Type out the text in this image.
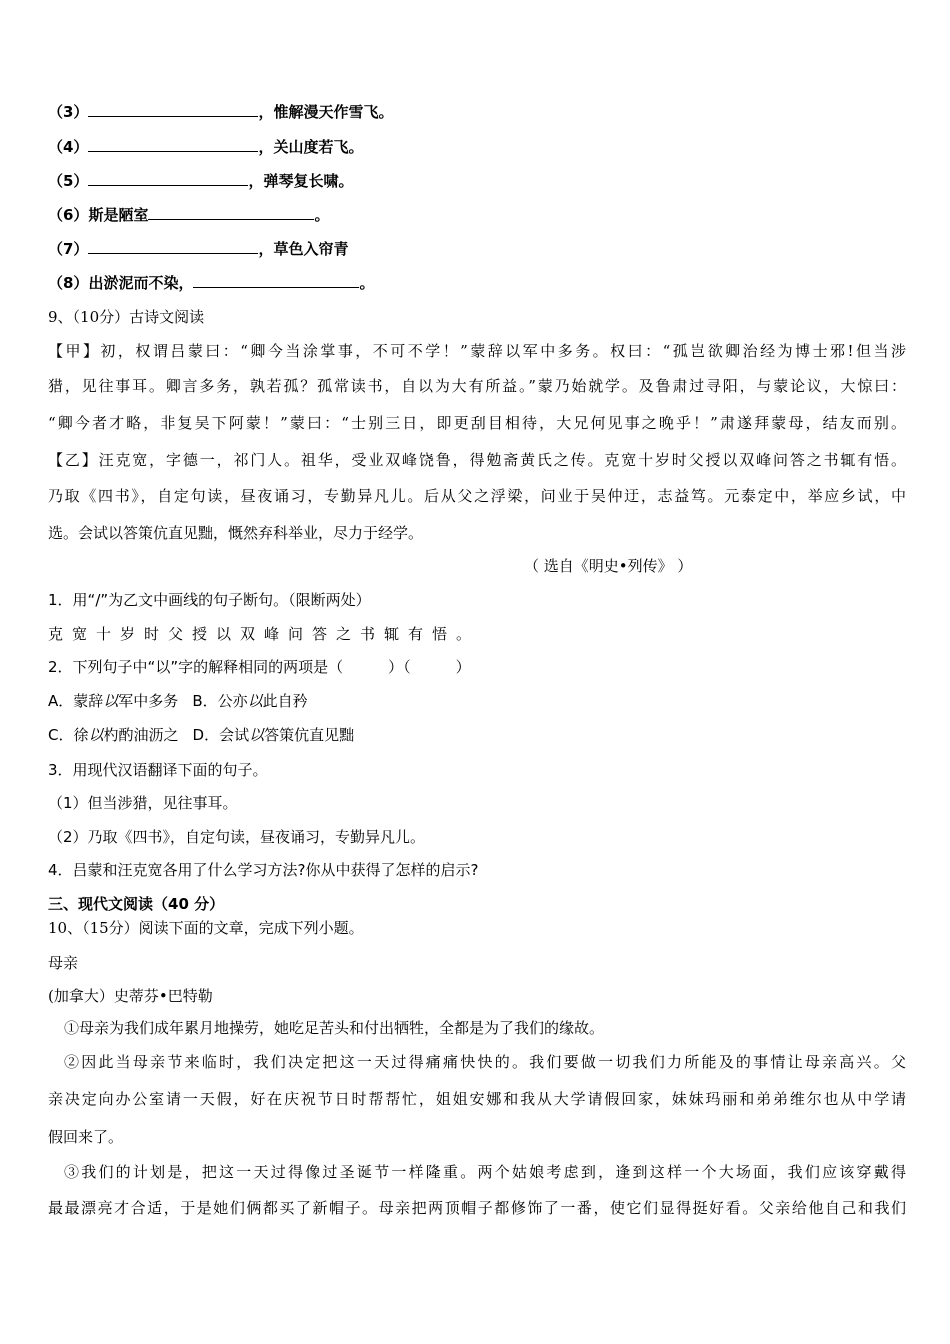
（3）	，惟解漫天作雪飞。
（4）	，关山度若飞。
（5）	，弹琴复长啸。
（6）斯是陋室	。
（7）	，草色入帘青
（8）出淤泥而不染，	。
9、（10分）古诗文阅读
【甲】初，权谓吕蒙曰：“卿今当涂掌事，不可不学！”蒙辞以军中多务。权曰：“孤岂欲卿治经为博士邪!但当涉
猎，见往事耳。卿言多务，孰若孤？孤常读书，自以为大有所益。”蒙乃始就学。及鲁肃过寻阳，与蒙论议，大惊曰：
“卿今者才略，非复吴下阿蒙！”蒙曰：“士别三日，即更刮目相待，大兄何见事之晚乎！”肃遂拜蒙母，结友而别。
【乙】汪克宽，字德一，祁门人。祖华，受业双峰饶鲁，得勉斋黄氏之传。克宽十岁时父授以双峰问答之书辄有悟。
乃取《四书》，自定句读，昼夜诵习，专勤异凡儿。后从父之浮梁，问业于吴仲迂，志益笃。元泰定中，举应乡试，中
选。会试以答策伉直见黜，慨然弃科举业，尽力于经学。
（ 选自《明史•列传》 ）
1．用“/”为乙文中画线的句子断句。（限断两处）
克宽十岁时父授以双峰问答之书辄有悟。
2．下列句子中“以”字的解释相同的两项是（　　　）（　　　）
A．蒙辞以军中多务 B．公亦以此自矜
C．徐以杓酌油沥之 D．会试以答策伉直见黜
3．用现代汉语翻译下面的句子。
（1）但当涉猎，见往事耳。
（2）乃取《四书》，自定句读，昼夜诵习，专勤异凡儿。
4．吕蒙和汪克宽各用了什么学习方法?你从中获得了怎样的启示?
三、现代文阅读（40 分）
10、（15分）阅读下面的文章，完成下列小题。
母亲
(加拿大）史蒂芬•巴特勒
①母亲为我们成年累月地操劳，她吃足苦头和付出牺牲，全都是为了我们的缘故。
②因此当母亲节来临时，我们决定把这一天过得痛痛快快的。我们要做一切我们力所能及的事情让母亲高兴。父
亲决定向办公室请一天假，好在庆祝节日时帮帮忙，姐姐安娜和我从大学请假回家，妹妹玛丽和弟弟维尔也从中学请
假回来了。
③我们的计划是，把这一天过得像过圣诞节一样隆重。两个姑娘考虑到，逢到这样一个大场面，我们应该穿戴得
最最漂亮才合适，于是她们俩都买了新帽子。母亲把两顶帽子都修饰了一番，使它们显得挺好看。父亲给他自己和我们
